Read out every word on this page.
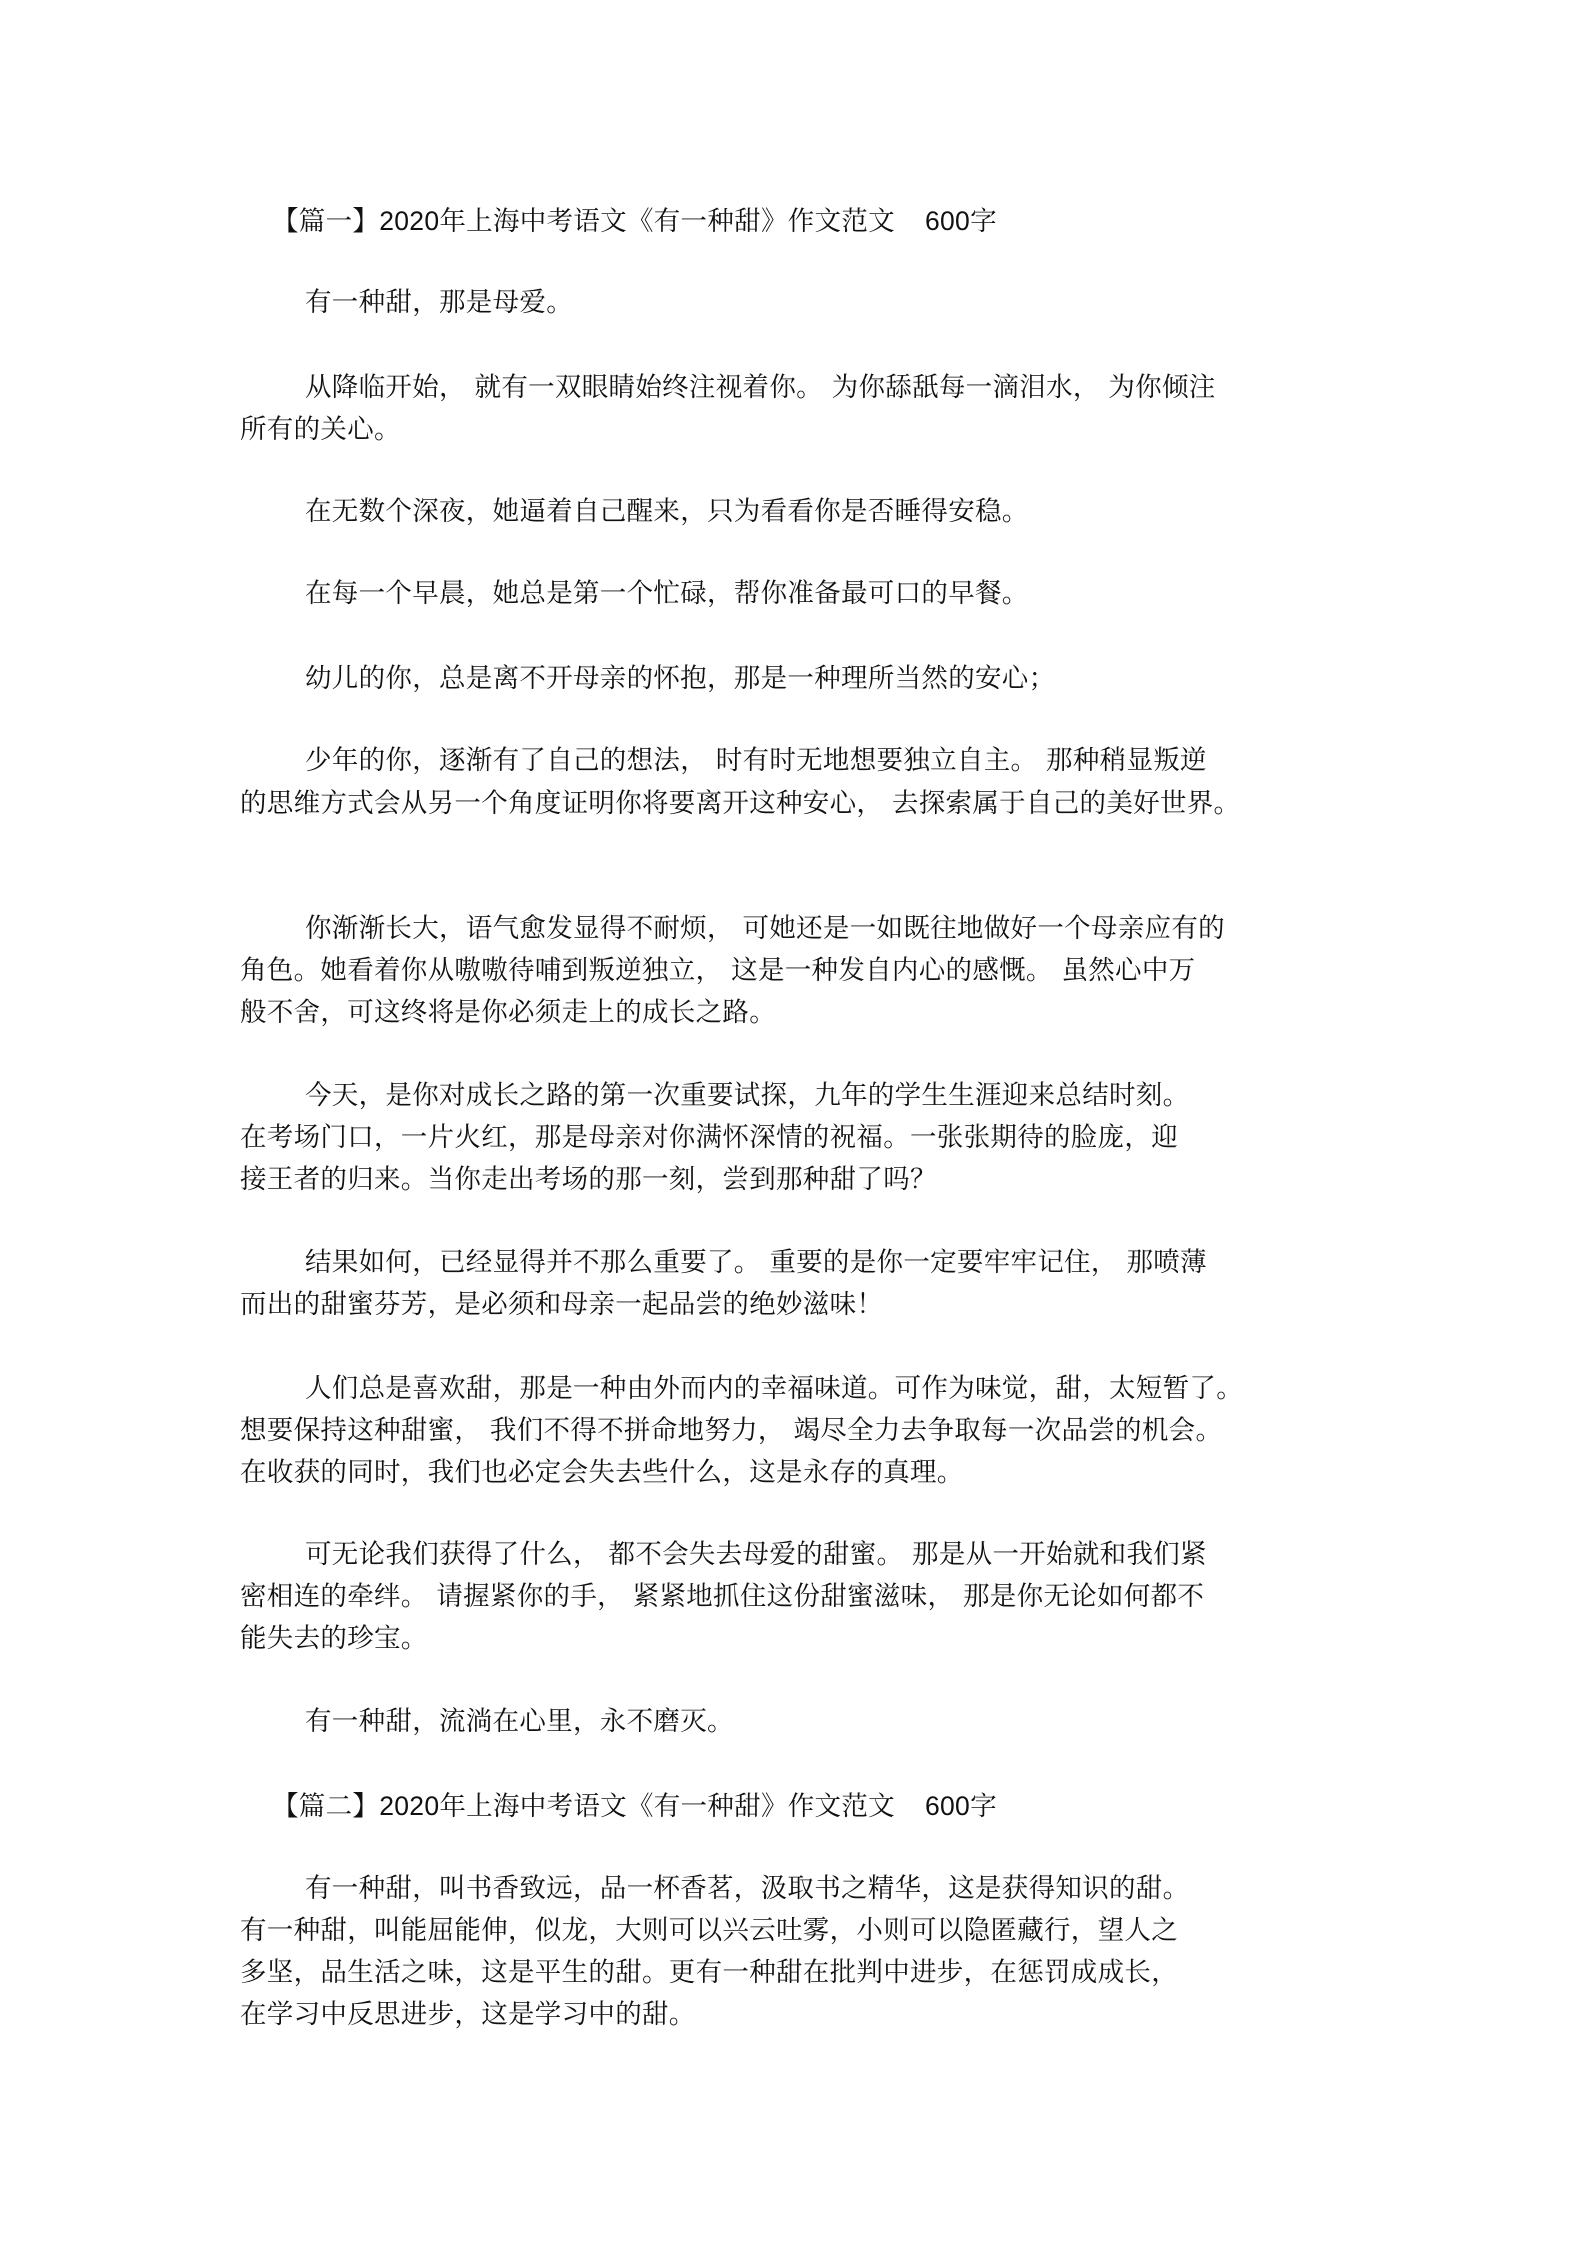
【篇一】2020年上海中考语文《有一种甜》作文范文 600字
有一种甜，那是母爱。
从降临开始， 就有一双眼睛始终注视着你。 为你舔舐每一滴泪水， 为你倾注
所有的关心。
在无数个深夜，她逼着自己醒来，只为看看你是否睡得安稳。
在每一个早晨，她总是第一个忙碌，帮你准备最可口的早餐。
幼儿的你，总是离不开母亲的怀抱，那是一种理所当然的安心；
少年的你，逐渐有了自己的想法， 时有时无地想要独立自主。 那种稍显叛逆
的思维方式会从另一个角度证明你将要离开这种安心， 去探索属于自己的美好世界。
你渐渐长大，语气愈发显得不耐烦， 可她还是一如既往地做好一个母亲应有的
角色。她看着你从嗷嗷待哺到叛逆独立， 这是一种发自内心的感慨。 虽然心中万
般不舍，可这终将是你必须走上的成长之路。
今天，是你对成长之路的第一次重要试探，九年的学生生涯迎来总结时刻。
在考场门口，一片火红，那是母亲对你满怀深情的祝福。一张张期待的脸庞，迎
接王者的归来。当你走出考场的那一刻，尝到那种甜了吗？
结果如何，已经显得并不那么重要了。 重要的是你一定要牢牢记住， 那喷薄
而出的甜蜜芬芳，是必须和母亲一起品尝的绝妙滋味！
人们总是喜欢甜，那是一种由外而内的幸福味道。可作为味觉，甜，太短暂了。
想要保持这种甜蜜， 我们不得不拼命地努力， 竭尽全力去争取每一次品尝的机会。
在收获的同时，我们也必定会失去些什么，这是永存的真理。
可无论我们获得了什么， 都不会失去母爱的甜蜜。 那是从一开始就和我们紧
密相连的牵绊。 请握紧你的手， 紧紧地抓住这份甜蜜滋味， 那是你无论如何都不
能失去的珍宝。
有一种甜，流淌在心里，永不磨灭。
【篇二】2020年上海中考语文《有一种甜》作文范文 600字
有一种甜，叫书香致远，品一杯香茗，汲取书之精华，这是获得知识的甜。
有一种甜，叫能屈能伸，似龙，大则可以兴云吐雾，小则可以隐匿藏行，望人之
多坚，品生活之味，这是平生的甜。更有一种甜在批判中进步，在惩罚成成长，
在学习中反思进步，这是学习中的甜。
